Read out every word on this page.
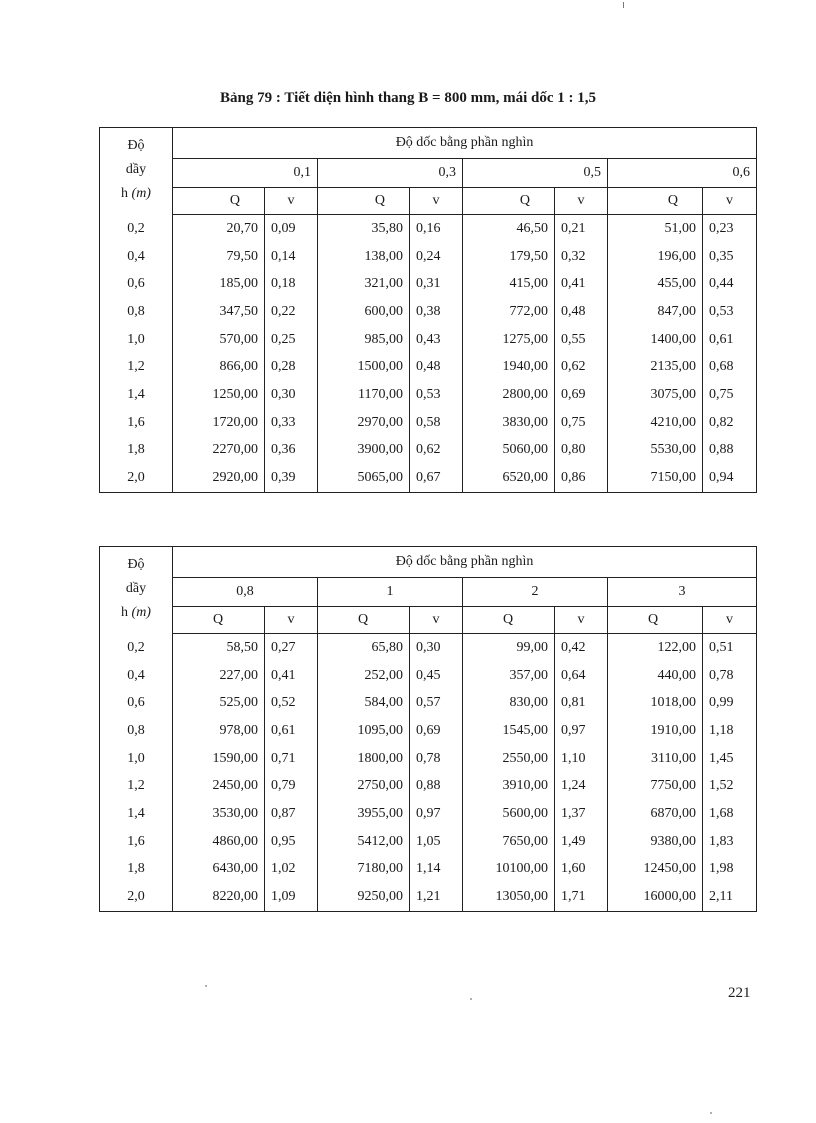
Bảng 79 : Tiết diện hình thang B = 800 mm, mái dốc 1 : 1,5
Độ
dầy
h (m)	Độ dốc bằng phần nghìn							
	0,1		0,3		0,5		0,6	
	Q	v	Q	v	Q	v	Q	v
0,2	20,70	0,09	35,80	0,16	46,50	0,21	51,00	0,23
0,4	79,50	0,14	138,00	0,24	179,50	0,32	196,00	0,35
0,6	185,00	0,18	321,00	0,31	415,00	0,41	455,00	0,44
0,8	347,50	0,22	600,00	0,38	772,00	0,48	847,00	0,53
1,0	570,00	0,25	985,00	0,43	1275,00	0,55	1400,00	0,61
1,2	866,00	0,28	1500,00	0,48	1940,00	0,62	2135,00	0,68
1,4	1250,00	0,30	1170,00	0,53	2800,00	0,69	3075,00	0,75
1,6	1720,00	0,33	2970,00	0,58	3830,00	0,75	4210,00	0,82
1,8	2270,00	0,36	3900,00	0,62	5060,00	0,80	5530,00	0,88
2,0	2920,00	0,39	5065,00	0,67	6520,00	0,86	7150,00	0,94
Độ
dầy
h (m)	Độ dốc bằng phần nghìn							
	0,8		1		2		3	
	Q	v	Q	v	Q	v	Q	v
0,2	58,50	0,27	65,80	0,30	99,00	0,42	122,00	0,51
0,4	227,00	0,41	252,00	0,45	357,00	0,64	440,00	0,78
0,6	525,00	0,52	584,00	0,57	830,00	0,81	1018,00	0,99
0,8	978,00	0,61	1095,00	0,69	1545,00	0,97	1910,00	1,18
1,0	1590,00	0,71	1800,00	0,78	2550,00	1,10	3110,00	1,45
1,2	2450,00	0,79	2750,00	0,88	3910,00	1,24	7750,00	1,52
1,4	3530,00	0,87	3955,00	0,97	5600,00	1,37	6870,00	1,68
1,6	4860,00	0,95	5412,00	1,05	7650,00	1,49	9380,00	1,83
1,8	6430,00	1,02	7180,00	1,14	10100,00	1,60	12450,00	1,98
2,0	8220,00	1,09	9250,00	1,21	13050,00	1,71	16000,00	2,11
221
